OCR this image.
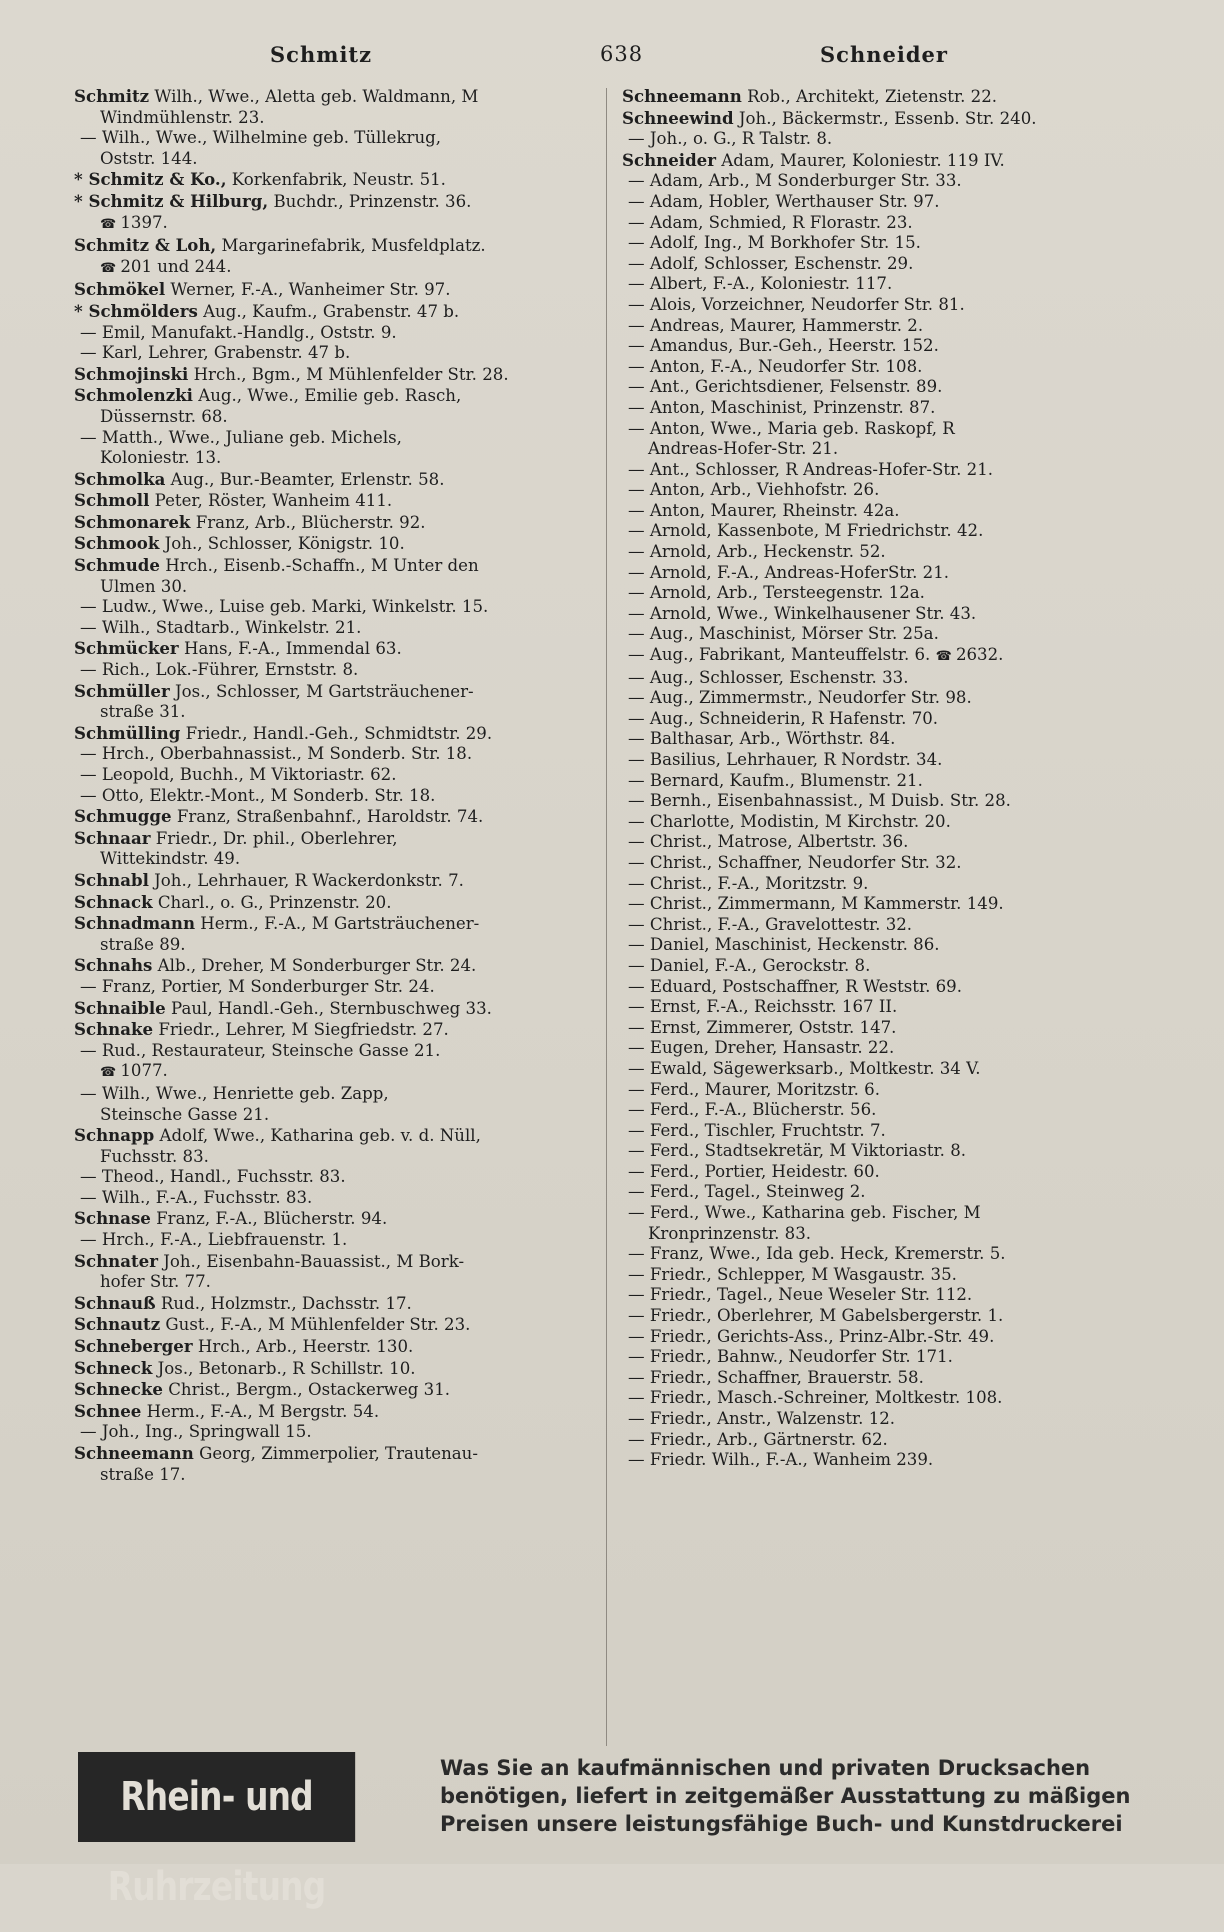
Schmitz	638	Schneider
Schmitz Wilh., Wwe., Aletta geb. Waldmann, M
Windmühlenstr. 23.
— Wilh., Wwe., Wilhelmine geb. Tüllekrug,
Oststr. 144.
* Schmitz & Ko., Korkenfabrik, Neustr. 51.
* Schmitz & Hilburg, Buchdr., Prinzenstr. 36.
☎ 1397.
Schmitz & Loh, Margarinefabrik, Musfeldplatz.
☎ 201 und 244.
Schmökel Werner, F.-A., Wanheimer Str. 97.
* Schmölders Aug., Kaufm., Grabenstr. 47 b.
— Emil, Manufakt.-Handlg., Oststr. 9.
— Karl, Lehrer, Grabenstr. 47 b.
Schmojinski Hrch., Bgm., M Mühlenfelder Str. 28.
Schmolenzki Aug., Wwe., Emilie geb. Rasch,
Düssernstr. 68.
— Matth., Wwe., Juliane geb. Michels,
Koloniestr. 13.
Schmolka Aug., Bur.-Beamter, Erlenstr. 58.
Schmoll Peter, Röster, Wanheim 411.
Schmonarek Franz, Arb., Blücherstr. 92.
Schmook Joh., Schlosser, Königstr. 10.
Schmude Hrch., Eisenb.-Schaffn., M Unter den
Ulmen 30.
— Ludw., Wwe., Luise geb. Marki, Winkelstr. 15.
— Wilh., Stadtarb., Winkelstr. 21.
Schmücker Hans, F.-A., Immendal 63.
— Rich., Lok.-Führer, Ernststr. 8.
Schmüller Jos., Schlosser, M Gartsträuchener-
straße 31.
Schmülling Friedr., Handl.-Geh., Schmidtstr. 29.
— Hrch., Oberbahnassist., M Sonderb. Str. 18.
— Leopold, Buchh., M Viktoriastr. 62.
— Otto, Elektr.-Mont., M Sonderb. Str. 18.
Schmugge Franz, Straßenbahnf., Haroldstr. 74.
Schnaar Friedr., Dr. phil., Oberlehrer,
Wittekindstr. 49.
Schnabl Joh., Lehrhauer, R Wackerdonkstr. 7.
Schnack Charl., o. G., Prinzenstr. 20.
Schnadmann Herm., F.-A., M Gartsträuchener-
straße 89.
Schnahs Alb., Dreher, M Sonderburger Str. 24.
— Franz, Portier, M Sonderburger Str. 24.
Schnaible Paul, Handl.-Geh., Sternbuschweg 33.
Schnake Friedr., Lehrer, M Siegfriedstr. 27.
— Rud., Restaurateur, Steinsche Gasse 21.
☎ 1077.
— Wilh., Wwe., Henriette geb. Zapp,
Steinsche Gasse 21.
Schnapp Adolf, Wwe., Katharina geb. v. d. Nüll,
Fuchsstr. 83.
— Theod., Handl., Fuchsstr. 83.
— Wilh., F.-A., Fuchsstr. 83.
Schnase Franz, F.-A., Blücherstr. 94.
— Hrch., F.-A., Liebfrauenstr. 1.
Schnater Joh., Eisenbahn-Bauassist., M Bork-
hofer Str. 77.
Schnauß Rud., Holzmstr., Dachsstr. 17.
Schnautz Gust., F.-A., M Mühlenfelder Str. 23.
Schneberger Hrch., Arb., Heerstr. 130.
Schneck Jos., Betonarb., R Schillstr. 10.
Schnecke Christ., Bergm., Ostackerweg 31.
Schnee Herm., F.-A., M Bergstr. 54.
— Joh., Ing., Springwall 15.
Schneemann Georg, Zimmerpolier, Trautenau-
straße 17.
Schneemann Rob., Architekt, Zietenstr. 22.
Schneewind Joh., Bäckermstr., Essenb. Str. 240.
— Joh., o. G., R Talstr. 8.
Schneider Adam, Maurer, Koloniestr. 119 IV.
— Adam, Arb., M Sonderburger Str. 33.
— Adam, Hobler, Werthauser Str. 97.
— Adam, Schmied, R Florastr. 23.
— Adolf, Ing., M Borkhofer Str. 15.
— Adolf, Schlosser, Eschenstr. 29.
— Albert, F.-A., Koloniestr. 117.
— Alois, Vorzeichner, Neudorfer Str. 81.
— Andreas, Maurer, Hammerstr. 2.
— Amandus, Bur.-Geh., Heerstr. 152.
— Anton, F.-A., Neudorfer Str. 108.
— Ant., Gerichtsdiener, Felsenstr. 89.
— Anton, Maschinist, Prinzenstr. 87.
— Anton, Wwe., Maria geb. Raskopf, R
Andreas-Hofer-Str. 21.
— Ant., Schlosser, R Andreas-Hofer-Str. 21.
— Anton, Arb., Viehhofstr. 26.
— Anton, Maurer, Rheinstr. 42a.
— Arnold, Kassenbote, M Friedrichstr. 42.
— Arnold, Arb., Heckenstr. 52.
— Arnold, F.-A., Andreas-HoferStr. 21.
— Arnold, Arb., Tersteegenstr. 12a.
— Arnold, Wwe., Winkelhausener Str. 43.
— Aug., Maschinist, Mörser Str. 25a.
— Aug., Fabrikant, Manteuffelstr. 6. ☎ 2632.
— Aug., Schlosser, Eschenstr. 33.
— Aug., Zimmermstr., Neudorfer Str. 98.
— Aug., Schneiderin, R Hafenstr. 70.
— Balthasar, Arb., Wörthstr. 84.
— Basilius, Lehrhauer, R Nordstr. 34.
— Bernard, Kaufm., Blumenstr. 21.
— Bernh., Eisenbahnassist., M Duisb. Str. 28.
— Charlotte, Modistin, M Kirchstr. 20.
— Christ., Matrose, Albertstr. 36.
— Christ., Schaffner, Neudorfer Str. 32.
— Christ., F.-A., Moritzstr. 9.
— Christ., Zimmermann, M Kammerstr. 149.
— Christ., F.-A., Gravelottestr. 32.
— Daniel, Maschinist, Heckenstr. 86.
— Daniel, F.-A., Gerockstr. 8.
— Eduard, Postschaffner, R Weststr. 69.
— Ernst, F.-A., Reichsstr. 167 II.
— Ernst, Zimmerer, Oststr. 147.
— Eugen, Dreher, Hansastr. 22.
— Ewald, Sägewerksarb., Moltkestr. 34 V.
— Ferd., Maurer, Moritzstr. 6.
— Ferd., F.-A., Blücherstr. 56.
— Ferd., Tischler, Fruchtstr. 7.
— Ferd., Stadtsekretär, M Viktoriastr. 8.
— Ferd., Portier, Heidestr. 60.
— Ferd., Tagel., Steinweg 2.
— Ferd., Wwe., Katharina geb. Fischer, M
Kronprinzenstr. 83.
— Franz, Wwe., Ida geb. Heck, Kremerstr. 5.
— Friedr., Schlepper, M Wasgaustr. 35.
— Friedr., Tagel., Neue Weseler Str. 112.
— Friedr., Oberlehrer, M Gabelsbergerstr. 1.
— Friedr., Gerichts-Ass., Prinz-Albr.-Str. 49.
— Friedr., Bahnw., Neudorfer Str. 171.
— Friedr., Schaffner, Brauerstr. 58.
— Friedr., Masch.-Schreiner, Moltkestr. 108.
— Friedr., Anstr., Walzenstr. 12.
— Friedr., Arb., Gärtnerstr. 62.
— Friedr. Wilh., F.-A., Wanheim 239.
Rhein- und Ruhrzeitung
Was Sie an kaufmännischen und privaten Drucksachen
benötigen, liefert in zeitgemäßer Ausstattung zu mäßigen
Preisen unsere leistungsfähige Buch- und Kunstdruckerei
